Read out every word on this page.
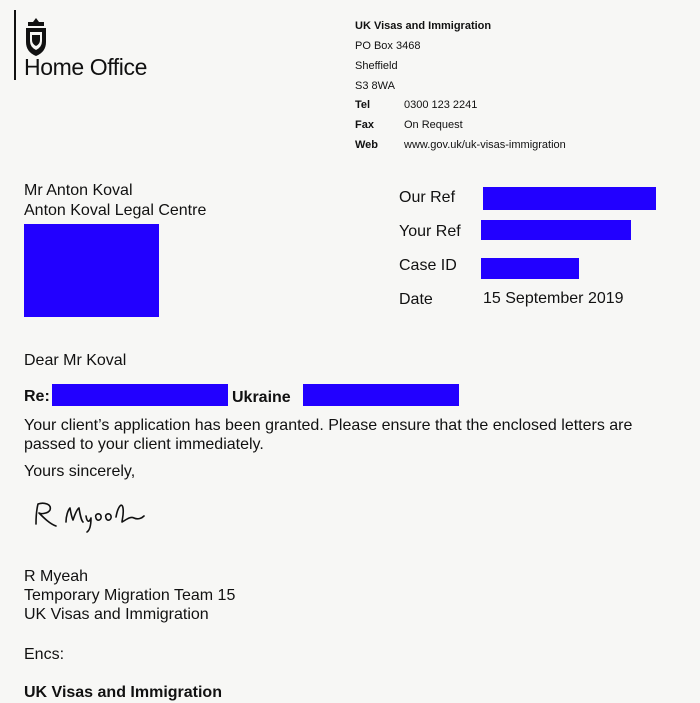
Home Office
UK Visas and Immigration
PO Box 3468
Sheffield
S3 8WA
Tel	0300 123 2241
Fax	On Request
Web www.gov.uk/uk-visas-immigration
Mr Anton Koval
Anton Koval Legal Centre
Our Ref
Your Ref
Case ID
Date	15 September 2019
Dear Mr Koval
Re:	Ukraine
Your client’s application has been granted. Please ensure that the enclosed letters are
passed to your client immediately.
Yours sincerely,
R Myeah
Temporary Migration Team 15
UK Visas and Immigration
Encs:
UK Visas and Immigration
